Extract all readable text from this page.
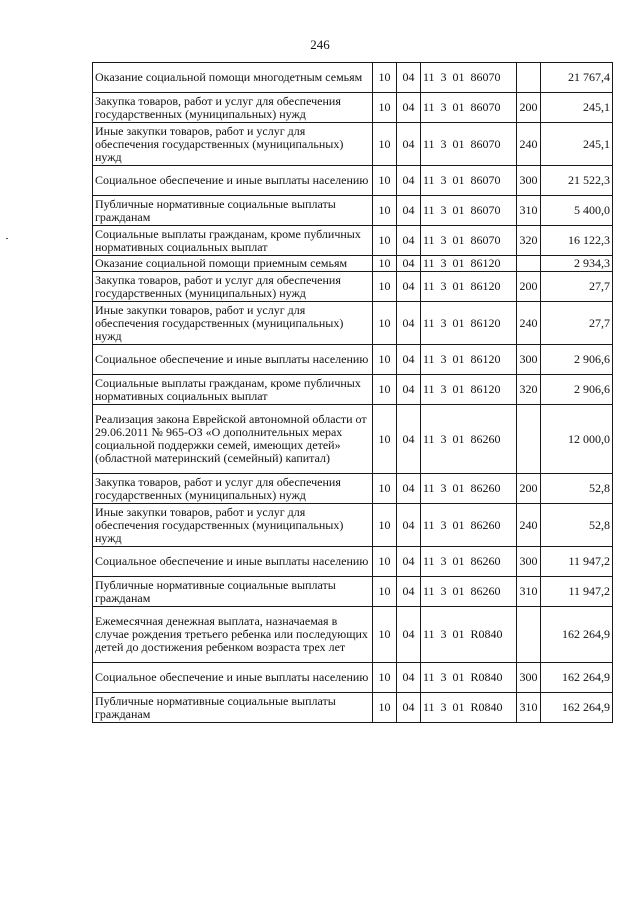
246
Оказание социальной помощи многодетным семьям	10	04	11  3  01  86070		21 767,4
Закупка товаров, работ и услуг для обеспечения государственных (муниципальных) нужд	10	04	11  3  01  86070	200	245,1
Иные закупки товаров, работ и услуг для обеспечения государственных (муниципальных) нужд	10	04	11  3  01  86070	240	245,1
Социальное обеспечение и иные выплаты населению	10	04	11  3  01  86070	300	21 522,3
Публичные нормативные социальные выплаты гражданам	10	04	11  3  01  86070	310	5 400,0
Социальные выплаты гражданам, кроме публичных нормативных социальных выплат	10	04	11  3  01  86070	320	16 122,3
Оказание социальной помощи приемным семьям	10	04	11  3  01  86120		2 934,3
Закупка товаров, работ и услуг для обеспечения государственных (муниципальных) нужд	10	04	11  3  01  86120	200	27,7
Иные закупки товаров, работ и услуг для обеспечения государственных (муниципальных) нужд	10	04	11  3  01  86120	240	27,7
Социальное обеспечение и иные выплаты населению	10	04	11  3  01  86120	300	2 906,6
Социальные выплаты гражданам, кроме публичных нормативных социальных выплат	10	04	11  3  01  86120	320	2 906,6
Реализация закона Еврейской автономной области от 29.06.2011 № 965-ОЗ «О дополнительных мерах социальной поддержки семей, имеющих детей» (областной материнский (семейный) капитал)	10	04	11  3  01  86260		12 000,0
Закупка товаров, работ и услуг для обеспечения государственных (муниципальных) нужд	10	04	11  3  01  86260	200	52,8
Иные закупки товаров, работ и услуг для обеспечения государственных (муниципальных) нужд	10	04	11  3  01  86260	240	52,8
Социальное обеспечение и иные выплаты населению	10	04	11  3  01  86260	300	11 947,2
Публичные нормативные социальные выплаты гражданам	10	04	11  3  01  86260	310	11 947,2
Ежемесячная денежная выплата, назначаемая в случае рождения третьего ребенка или последующих детей до достижения ребенком возраста трех лет	10	04	11  3  01  R0840		162 264,9
Социальное обеспечение и иные выплаты населению	10	04	11  3  01  R0840	300	162 264,9
Публичные нормативные социальные выплаты гражданам	10	04	11  3  01  R0840	310	162 264,9
